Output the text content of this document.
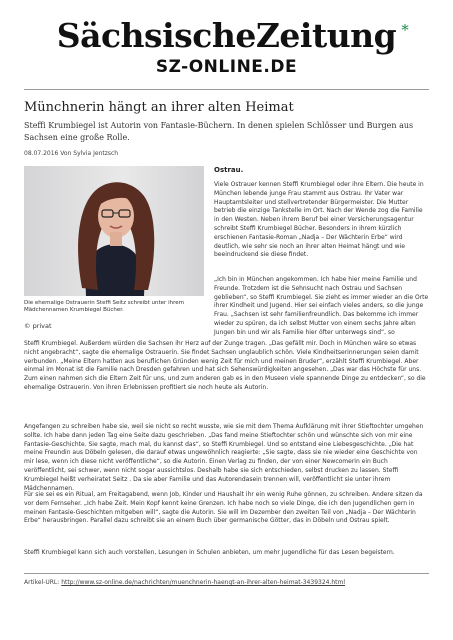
SächsischeZeitung *
SZ-ONLINE.DE
Münchnerin hängt an ihrer alten Heimat

Steffi Krumbiegel ist Autorin von Fantasie-Büchern. In denen spielen Schlösser und Burgen aus Sachsen eine große Rolle.

08.07.2016 Von Sylvia Jentzsch
Die ehemalige Ostrauerin Steffi Seitz schreibt unter ihrem Mädchennamen Krumbiegel Bücher.
© privat
Ostrau.

Viele Ostrauer kennen Steffi Krumbiegel oder ihre Eltern. Die heute in München lebende junge Frau stammt aus Ostrau. Ihr Vater war Hauptamtsleiter und stellvertretender Bürgermeister. Die Mutter betrieb die einzige Tankstelle im Ort. Nach der Wende zog die Familie in den Westen. Neben ihrem Beruf bei einer Versicherungsagentur schreibt Steffi Krumbiegel Bücher. Besonders in ihrem kürzlich erschienen Fantasie-Roman „Nadja – Der Wächterin Erbe“ wird deutlich, wie sehr sie noch an ihrer alten Heimat hängt und wie beeindruckend sie diese findet.

„Ich bin in München angekommen. Ich habe hier meine Familie und Freunde. Trotzdem ist die Sehnsucht nach Ostrau und Sachsen geblieben“, so Steffi Krumbiegel. Sie zieht es immer wieder an die Orte ihrer Kindheit und Jugend. Hier sei einfach vieles anders, so die junge Frau. „Sachsen ist sehr familienfreundlich. Das bekomme ich immer wieder zu spüren, da ich selbst Mutter von einem sechs Jahre alten Jungen bin und wir als Familie hier öfter unterwegs sind“, so

Steffi Krumbiegel. Außerdem würden die Sachsen ihr Herz auf der Zunge tragen. „Das gefällt mir. Doch in München wäre so etwas nicht angebracht“, sagte die ehemalige Ostrauerin. Sie findet Sachsen unglaublich schön. Viele Kindheitserinnerungen seien damit verbunden. „Meine Eltern hatten aus beruflichen Gründen wenig Zeit für mich und meinen Bruder“, erzählt Steffi Krumbiegel. Aber einmal im Monat ist die Familie nach Dresden gefahren und hat sich Sehenswürdigkeiten angesehen. „Das war das Höchste für uns. Zum einen nahmen sich die Eltern Zeit für uns, und zum anderen gab es in den Museen viele spannende Dinge zu entdecken“, so die ehemalige Ostrauerin. Von ihren Erlebnissen profitiert sie noch heute als Autorin.

Angefangen zu schreiben habe sie, weil sie nicht so recht wusste, wie sie mit dem Thema Aufklärung mit ihrer Stieftochter umgehen sollte. Ich habe dann jeden Tag eine Seite dazu geschrieben. „Das fand meine Stieftochter schön und wünschte sich von mir eine Fantasie-Geschichte. Sie sagte, mach mal, du kannst das“, so Steffi Krumbiegel. Und so entstand eine Liebesgeschichte. „Die hat meine Freundin aus Döbeln gelesen, die darauf etwas ungewöhnlich reagierte: „Sie sagte, dass sie nie wieder eine Geschichte von mir lese, wenn ich diese nicht veröffentliche“, so die Autorin. Einen Verlag zu finden, der von einer Newcomerin ein Buch veröffentlicht, sei schwer, wenn nicht sogar aussichtslos. Deshalb habe sie sich entschieden, selbst drucken zu lassen. Steffi Krumbiegel heißt verheiratet Seitz . Da sie aber Familie und das Autorendasein trennen will, veröffentlicht sie unter ihrem Mädchennamen.

Für sie sei es ein Ritual, am Freitagabend, wenn Job, Kinder und Haushalt ihr ein wenig Ruhe gönnen, zu schreiben. Andere sitzen da vor dem Fernseher. „Ich habe Zeit. Mein Kopf kennt keine Grenzen. Ich habe noch so viele Dinge, die ich den Jugendlichen gern in meinen Fantasie-Geschichten mitgeben will“, sagte die Autorin. Sie will im Dezember den zweiten Teil von „Nadja – Der Wächterin Erbe“ herausbringen. Parallel dazu schreibt sie an einem Buch über germanische Götter, das in Döbeln und Ostrau spielt.

Steffi Krumbiegel kann sich auch vorstellen, Lesungen in Schulen anbieten, um mehr Jugendliche für das Lesen begeistern.

Artikel-URL: http://www.sz-online.de/nachrichten/muenchnerin-haengt-an-ihrer-alten-heimat-3439324.html
